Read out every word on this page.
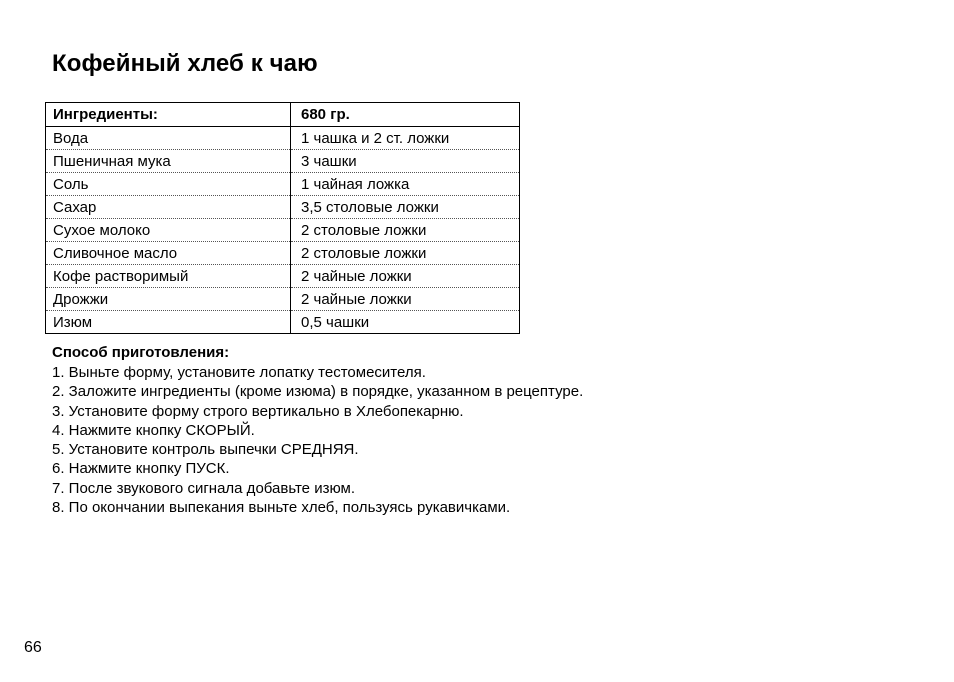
Кофейный хлеб к чаю
Ингредиенты:	680 гр.
Вода	1 чашка и 2 ст. ложки
Пшеничная мука	3 чашки
Соль	1 чайная ложка
Сахар	3,5 столовые ложки
Сухое молоко	2 столовые ложки
Сливочное масло	2 столовые ложки
Кофе растворимый	2 чайные ложки
Дрожжи	2 чайные ложки
Изюм	0,5 чашки
Способ приготовления:
1. Выньте форму, установите лопатку тестомесителя.
2. Заложите ингредиенты (кроме изюма) в порядке, указанном в рецептуре.
3. Установите форму строго вертикально в Хлебопекарню.
4. Нажмите кнопку СКОРЫЙ.
5. Установите контроль выпечки СРЕДНЯЯ.
6. Нажмите кнопку ПУСК.
7. После звукового сигнала добавьте изюм.
8. По окончании выпекания выньте хлеб, пользуясь рукавичками.
66
